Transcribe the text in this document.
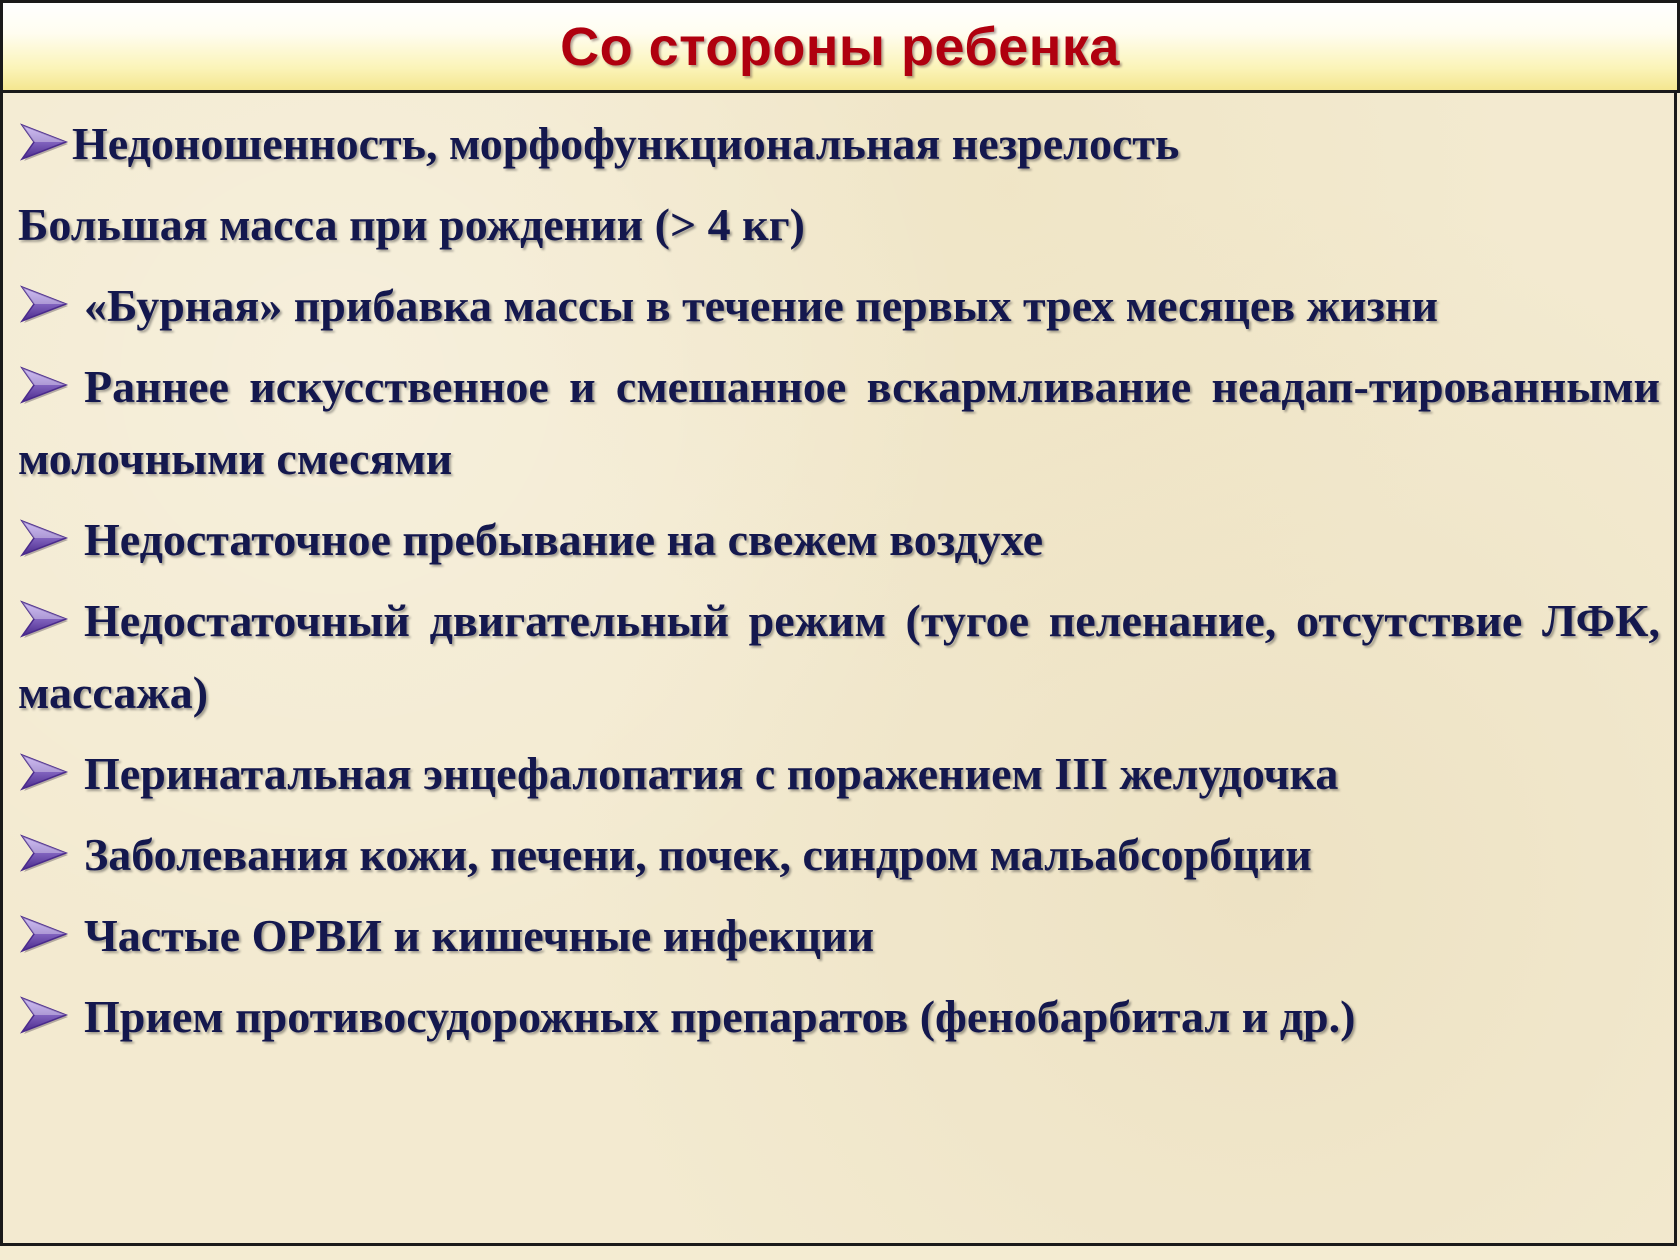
Со стороны ребенка
Недоношенность, морфофункциональная незрелость
Большая масса при рождении (> 4 кг)
«Бурная» прибавка массы в течение первых трех месяцев жизни
Раннее искусственное и смешанное вскармливание неадап-тированными молочными смесями
Недостаточное пребывание на свежем воздухе
Недостаточный двигательный режим (тугое пеленание, отсутствие ЛФК, массажа)
Перинатальная энцефалопатия с поражением III желудочка
Заболевания кожи, печени, почек, синдром мальабсорбции
Частые ОРВИ и кишечные инфекции
Прием противосудорожных препаратов (фенобарбитал и др.)
